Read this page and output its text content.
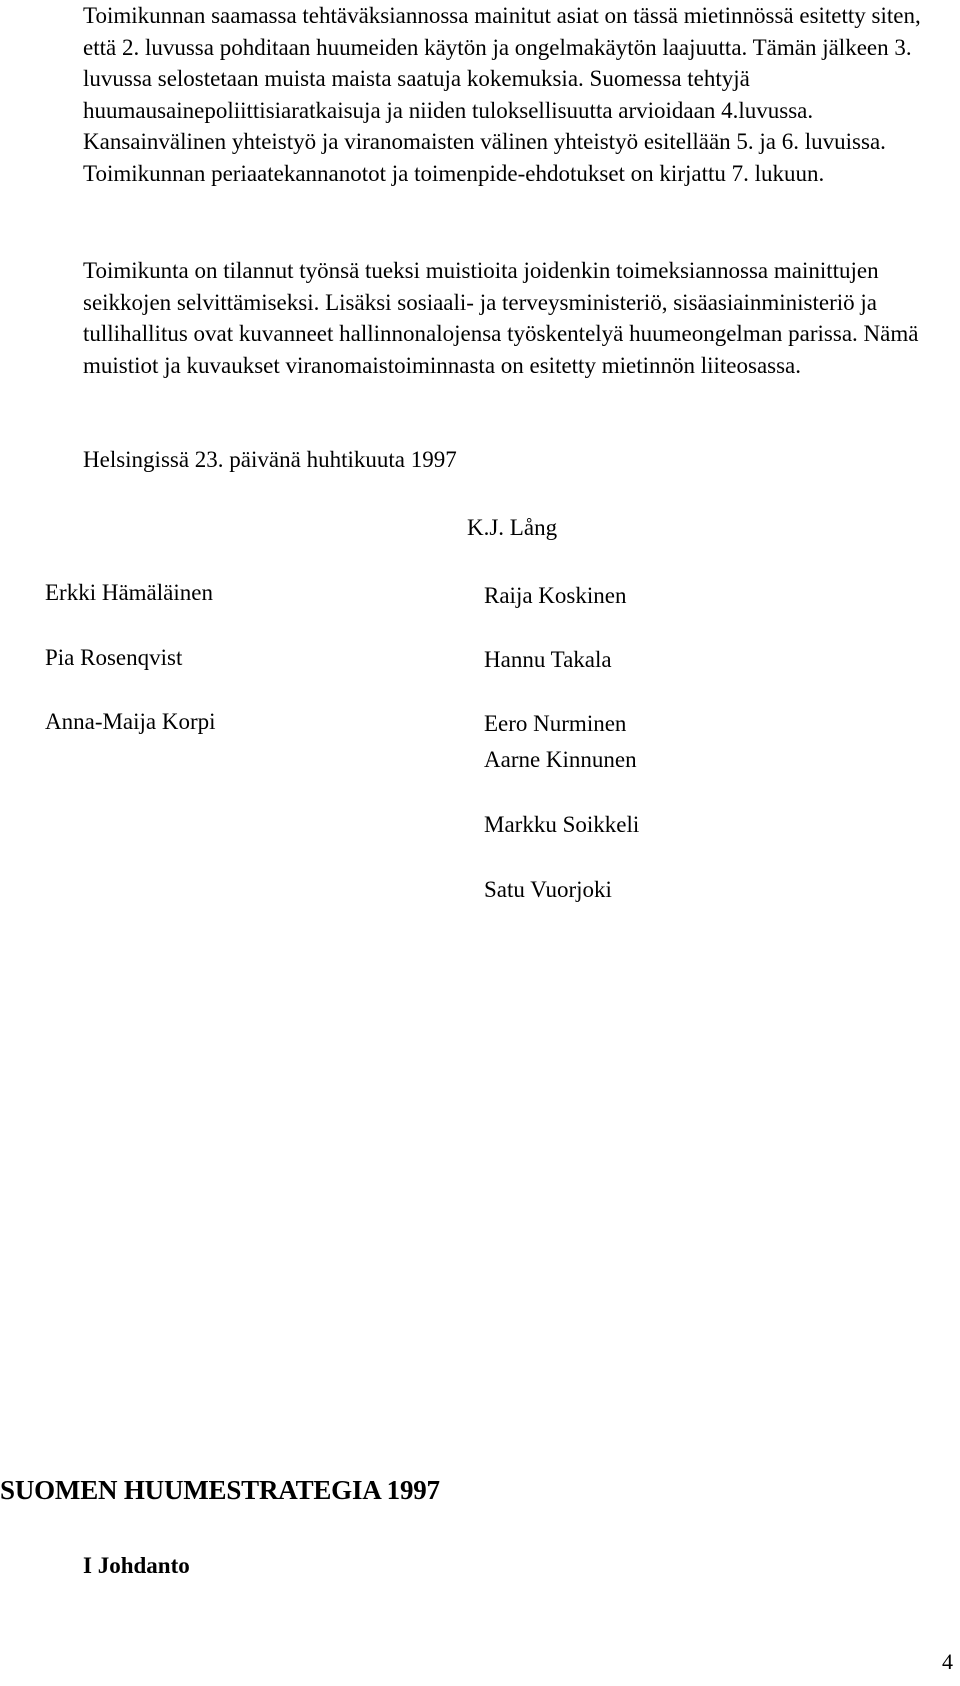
Toimikunnan saamassa tehtäväksiannossa mainitut asiat on tässä mietinnössä esitetty siten, että 2. luvussa pohditaan huumeiden käytön ja ongelmakäytön laajuutta. Tämän jälkeen 3. luvussa selostetaan muista maista saatuja kokemuksia. Suomessa tehtyjä huumausainepoliittisiaratkaisuja ja niiden tuloksellisuutta arvioidaan 4.luvussa. Kansainvälinen yhteistyö ja viranomaisten välinen yhteistyö esitellään 5. ja 6. luvuissa. Toimikunnan periaatekannanotot ja toimenpide-ehdotukset on kirjattu 7. lukuun.

Toimikunta on tilannut työnsä tueksi muistioita joidenkin toimeksiannossa mainittujen seikkojen selvittämiseksi. Lisäksi sosiaali- ja terveysministeriö, sisäasiainministeriö ja tullihallitus ovat kuvanneet hallinnonalojensa työskentelyä huumeongelman parissa. Nämä muistiot ja kuvaukset viranomaistoiminnasta on esitetty mietinnön liiteosassa.

Helsingissä 23. päivänä huhtikuuta 1997
K.J. Lång
Erkki Hämäläinen
Pia Rosenqvist
Anna-Maija Korpi
Raija Koskinen
Hannu Takala
Eero Nurminen
Aarne Kinnunen
Markku Soikkeli
Satu Vuorjoki
SUOMEN HUUMESTRATEGIA 1997
I Johdanto
4
